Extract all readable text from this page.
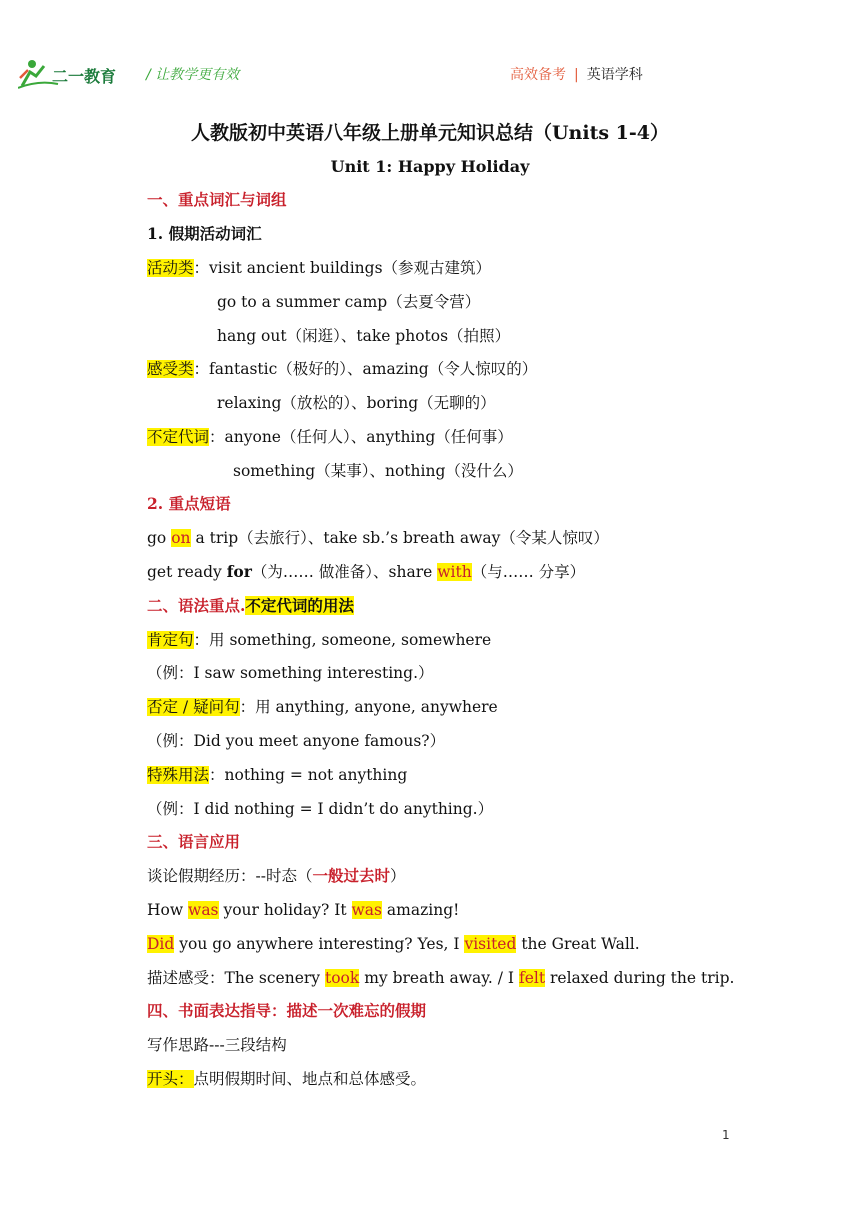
二一教育 / 让教学更有效	高效备考 | 英语学科
人教版初中英语八年级上册单元知识总结（Units 1-4）
Unit 1: Happy Holiday
一、重点词汇与词组
1. 假期活动词汇
活动类：visit ancient buildings（参观古建筑）
go to a summer camp（去夏令营）
hang out（闲逛）、take photos（拍照）
感受类：fantastic（极好的）、amazing（令人惊叹的）
relaxing（放松的）、boring（无聊的）
不定代词：anyone（任何人）、anything（任何事）
something（某事）、nothing（没什么）
2. 重点短语
go on a trip（去旅行）、take sb.’s breath away（令某人惊叹）
get ready for（为…… 做准备）、share with（与…… 分享）
二、语法重点.不定代词的用法
肯定句：用 something, someone, somewhere
（例：I saw something interesting.）
否定 / 疑问句：用 anything, anyone, anywhere
（例：Did you meet anyone famous?）
特殊用法：nothing = not anything
（例：I did nothing = I didn’t do anything.）
三、语言应用
谈论假期经历：--时态（一般过去时）
How was your holiday? It was amazing!
Did you go anywhere interesting? Yes, I visited the Great Wall.
描述感受：The scenery took my breath away. / I felt relaxed during the trip.
四、书面表达指导：描述一次难忘的假期
写作思路---三段结构
开头：点明假期时间、地点和总体感受。
1
